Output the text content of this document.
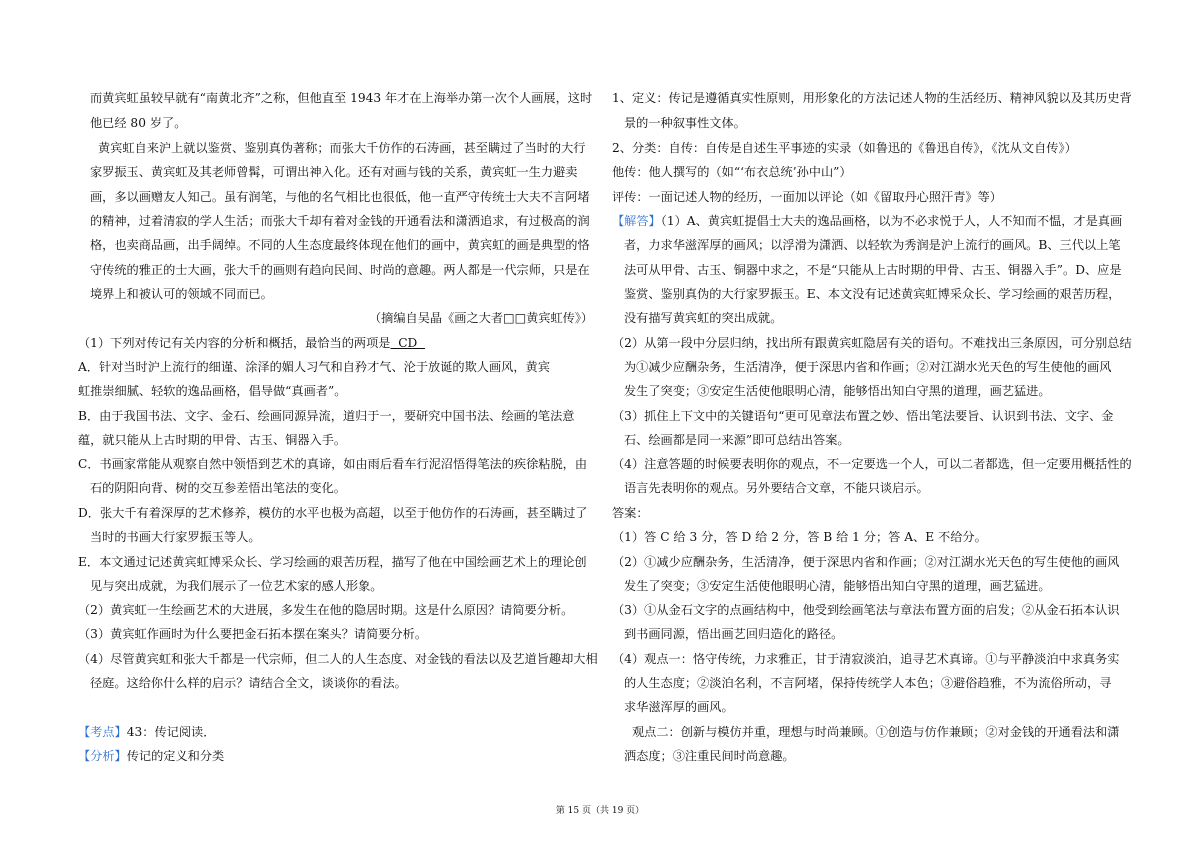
而黄宾虹虽较早就有“南黄北齐”之称，但他直至 1943 年才在上海举办第一次个人画展，这时
他已经 80 岁了。
黄宾虹自来沪上就以鉴赏、鉴别真伪著称；而张大千仿作的石涛画，甚至瞒过了当时的大行
家罗振玉、黄宾虹及其老师曾髯，可谓出神入化。还有对画与钱的关系，黄宾虹一生力避卖
画，多以画赠友人知己。虽有润笔，与他的名气相比也很低，他一直严守传统士大夫不言阿堵
的精神，过着清寂的学人生活；而张大千却有着对金钱的开通看法和潇洒追求，有过极高的润
格，也卖商品画，出手阔绰。不同的人生态度最终体现在他们的画中，黄宾虹的画是典型的恪
守传统的雅正的士大画，张大千的画则有趋向民间、时尚的意趣。两人都是一代宗师，只是在
境界上和被认可的领域不同而已。
（摘编自吴晶《画之大者□□黄宾虹传》）
（1）下列对传记有关内容的分析和概括，最恰当的两项是  CD
A．针对当时沪上流行的细谨、涂泽的媚人习气和自矜才气、沦于放诞的欺人画风，黄宾
虹推崇细腻、轻软的逸品画格，倡导做“真画者”。
B．由于我国书法、文字、金石、绘画同源异流，道归于一，要研究中国书法、绘画的笔法意
蕴，就只能从上古时期的甲骨、古玉、铜器入手。
C．书画家常能从观察自然中领悟到艺术的真谛，如由雨后看车行泥沼悟得笔法的疾徐粘脱，由
石的阴阳向背、树的交互参差悟出笔法的变化。
D．张大千有着深厚的艺术修养，模仿的水平也极为高超，以至于他仿作的石涛画，甚至瞒过了
当时的书画大行家罗振玉等人。
E．本文通过记述黄宾虹博采众长、学习绘画的艰苦历程，描写了他在中国绘画艺术上的理论创
见与突出成就，为我们展示了一位艺术家的感人形象。
（2）黄宾虹一生绘画艺术的大进展，多发生在他的隐居时期。这是什么原因？请简要分析。
（3）黄宾虹作画时为什么要把金石拓本摆在案头？请简要分析。
（4）尽管黄宾虹和张大千都是一代宗师，但二人的人生态度、对金钱的看法以及艺道旨趣却大相
径庭。这给你什么样的启示？请结合全文，谈谈你的看法。
【考点】43：传记阅读．
【分析】传记的定义和分类
1、定义：传记是遵循真实性原则，用形象化的方法记述人物的生活经历、精神风貌以及其历史背
景的一种叙事性文体。
2、分类：自传：自传是自述生平事迹的实录（如鲁迅的《鲁迅自传》，《沈从文自传》）
他传：他人撰写的（如“‘布衣总统’孙中山”）
评传：一面记述人物的经历，一面加以评论（如《留取丹心照汗青》等）
【解答】（1）A、黄宾虹提倡士大夫的逸品画格，以为不必求悦于人，人不知而不愠，才是真画
者，力求华滋浑厚的画风；以浮滑为潇洒、以轻软为秀润是沪上流行的画风。B、三代以上笔
法可从甲骨、古玉、铜器中求之，不是“只能从上古时期的甲骨、古玉、铜器入手”。D、应是
鉴赏、鉴别真伪的大行家罗振玉。E、本文没有记述黄宾虹博采众长、学习绘画的艰苦历程，
没有描写黄宾虹的突出成就。
（2）从第一段中分层归纳，找出所有跟黄宾虹隐居有关的语句。不难找出三条原因，可分别总结
为①减少应酬杂务，生活清净，便于深思内省和作画；②对江湖水光天色的写生使他的画风
发生了突变；③安定生活使他眼明心清，能够悟出知白守黑的道理，画艺猛进。
（3）抓住上下文中的关键语句“更可见章法布置之妙、悟出笔法要旨、认识到书法、文字、金
石、绘画都是同一来源”即可总结出答案。
（4）注意答题的时候要表明你的观点，不一定要选一个人，可以二者都选，但一定要用概括性的
语言先表明你的观点。另外要结合文章，不能只谈启示。
答案：
（1）答 C 给 3 分，答 D 给 2 分，答 B 给 1 分；答 A、E 不给分。
（2）①减少应酬杂务，生活清净，便于深思内省和作画；②对江湖水光天色的写生使他的画风
发生了突变；③安定生活使他眼明心清，能够悟出知白守黑的道理，画艺猛进。
（3）①从金石文字的点画结构中，他受到绘画笔法与章法布置方面的启发；②从金石拓本认识
到书画同源，悟出画艺回归造化的路径。
（4）观点一：恪守传统，力求雅正，甘于清寂淡泊，追寻艺术真谛。①与平静淡泊中求真务实
的人生态度；②淡泊名利，不言阿堵，保持传统学人本色；③避俗趋雅，不为流俗所动，寻
求华滋浑厚的画风。
观点二：创新与模仿并重，理想与时尚兼顾。①创造与仿作兼顾；②对金钱的开通看法和潇
洒态度；③注重民间时尚意趣。
第 15 页（共 19 页）
